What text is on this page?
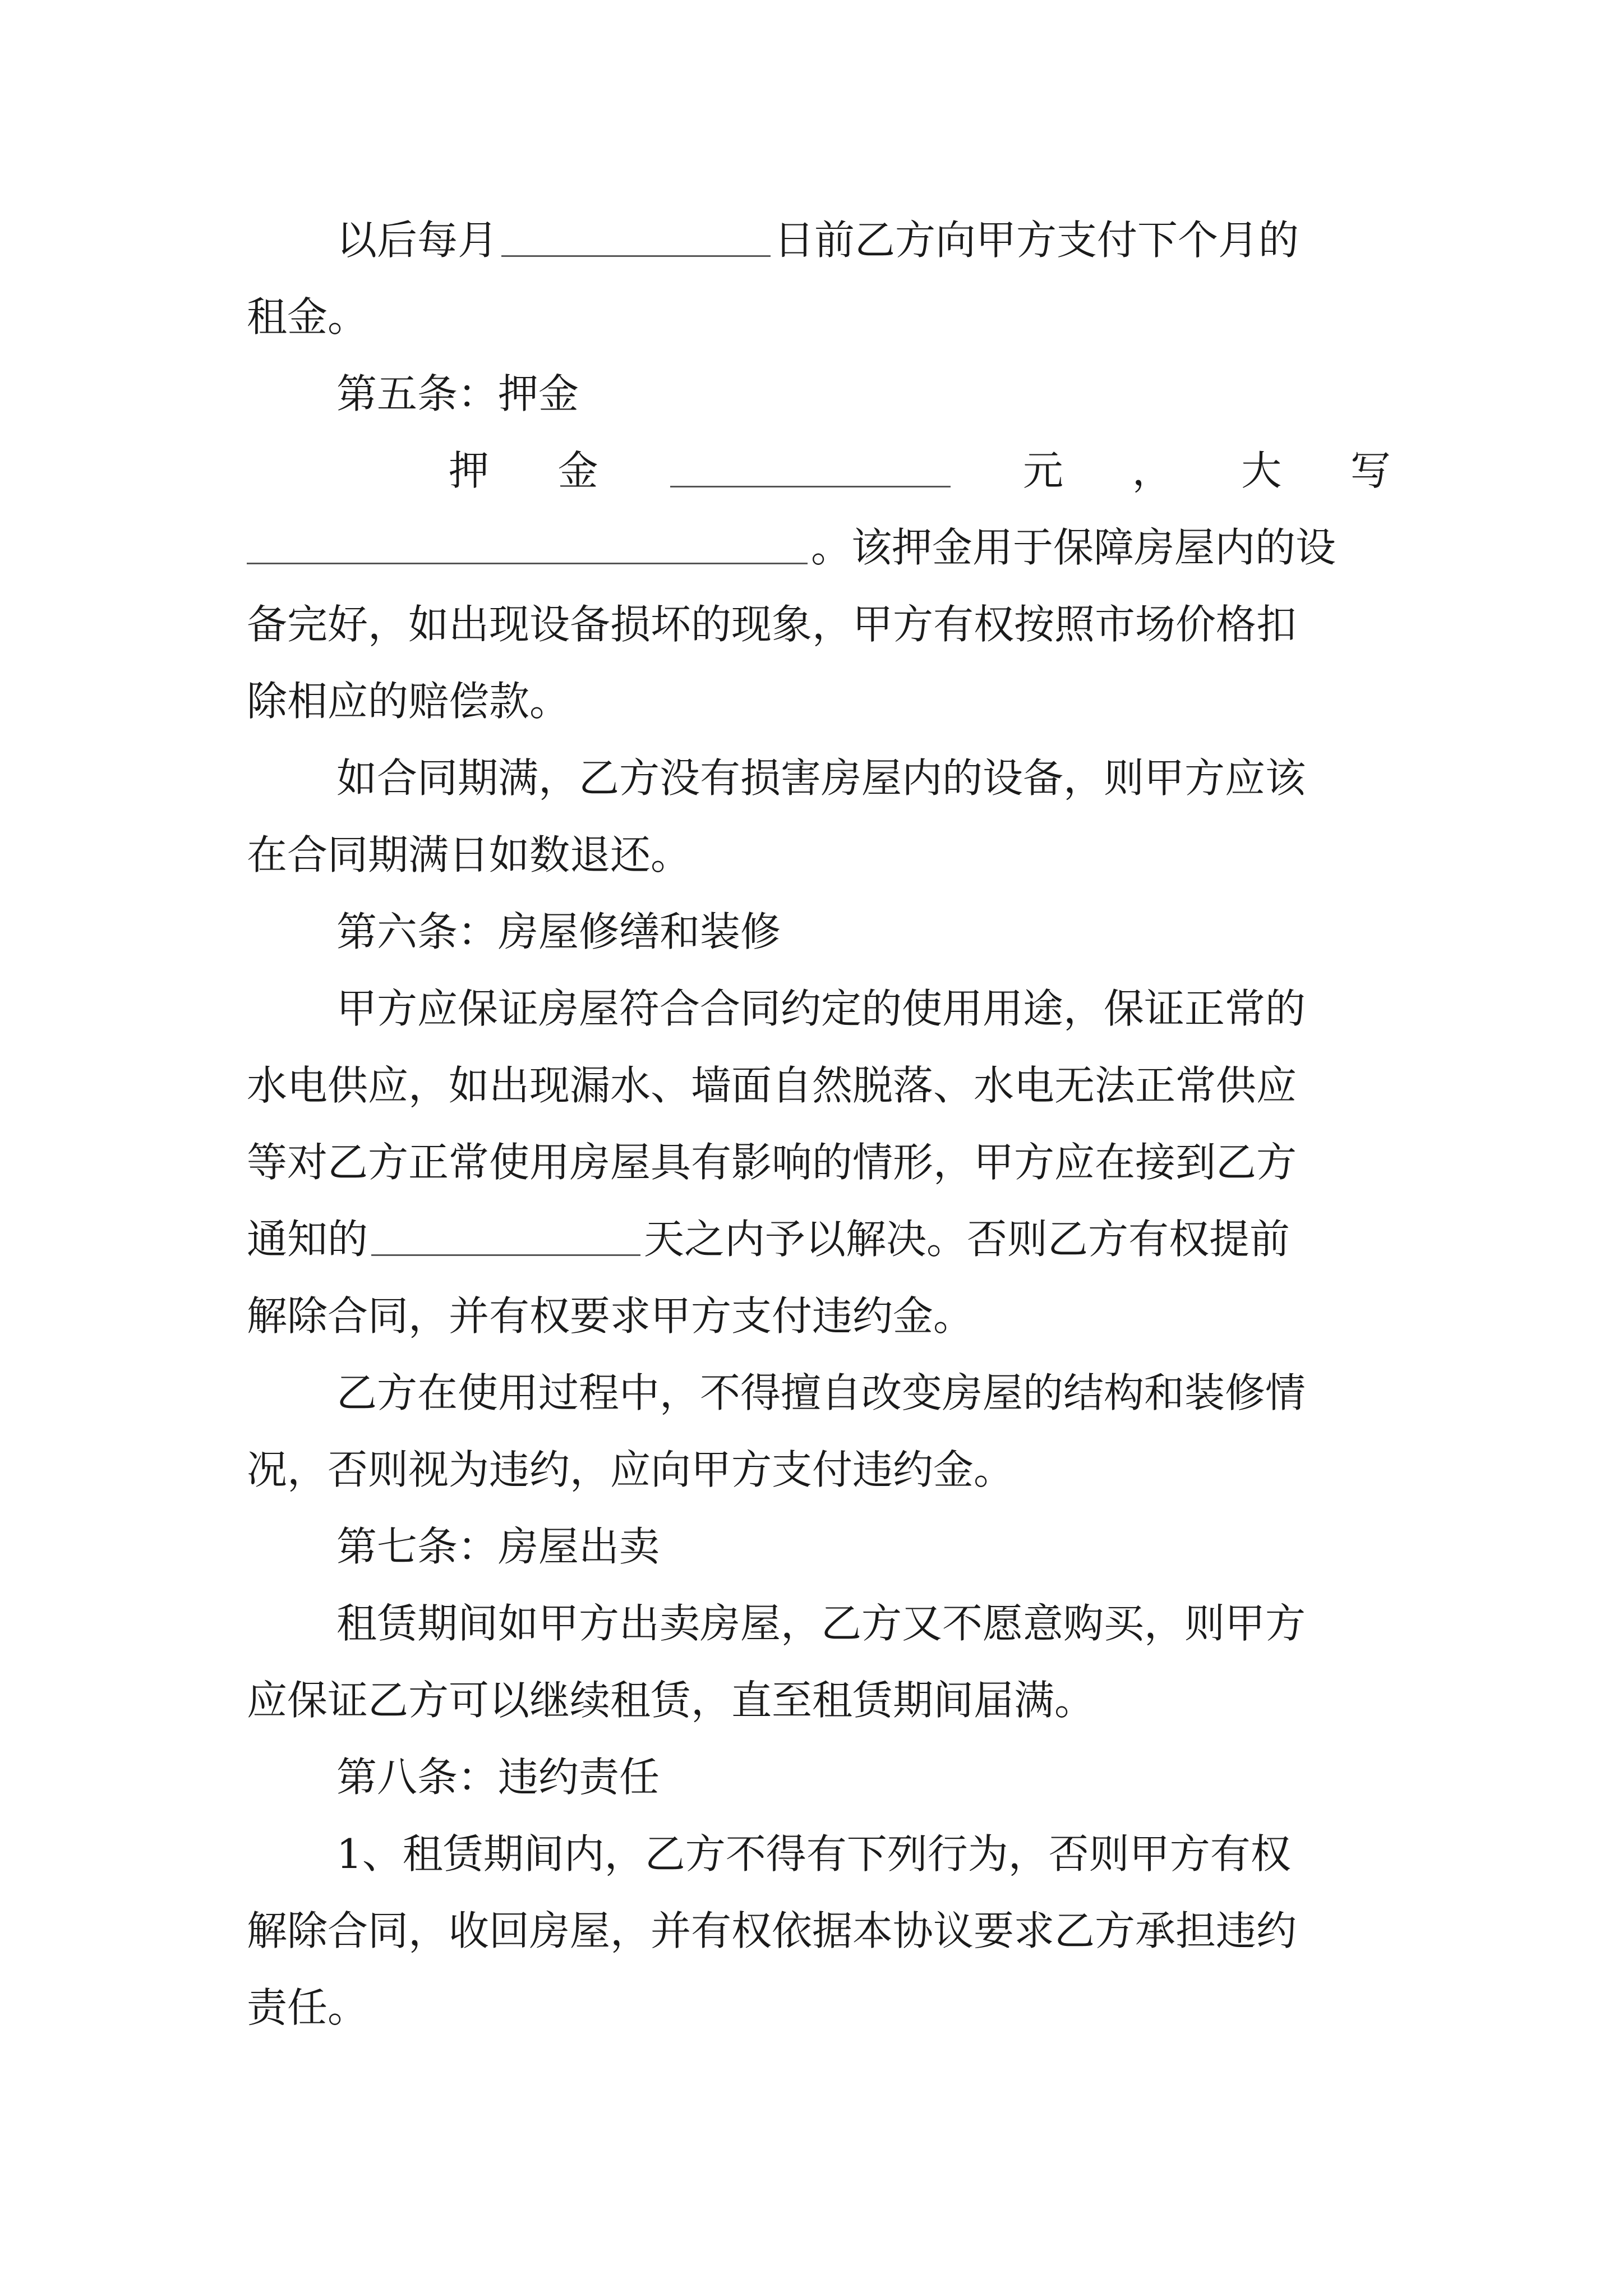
以后每月	日前乙方向甲方支付下个月的
租金。
第五条：押金
押 金	元 ， 大 写
。该押金用于保障房屋内的设
备完好，如出现设备损坏的现象，甲方有权按照市场价格扣
除相应的赔偿款。
如合同期满，乙方没有损害房屋内的设备，则甲方应该
在合同期满日如数退还。
第六条：房屋修缮和装修
甲方应保证房屋符合合同约定的使用用途，保证正常的
水电供应，如出现漏水、墙面自然脱落、水电无法正常供应
等对乙方正常使用房屋具有影响的情形，甲方应在接到乙方
通知的	天之内予以解决。否则乙方有权提前
解除合同，并有权要求甲方支付违约金。
乙方在使用过程中，不得擅自改变房屋的结构和装修情
况，否则视为违约，应向甲方支付违约金。
第七条：房屋出卖
租赁期间如甲方出卖房屋，乙方又不愿意购买，则甲方
应保证乙方可以继续租赁，直至租赁期间届满。
第八条：违约责任
1、租赁期间内，乙方不得有下列行为，否则甲方有权
解除合同，收回房屋，并有权依据本协议要求乙方承担违约
责任。
